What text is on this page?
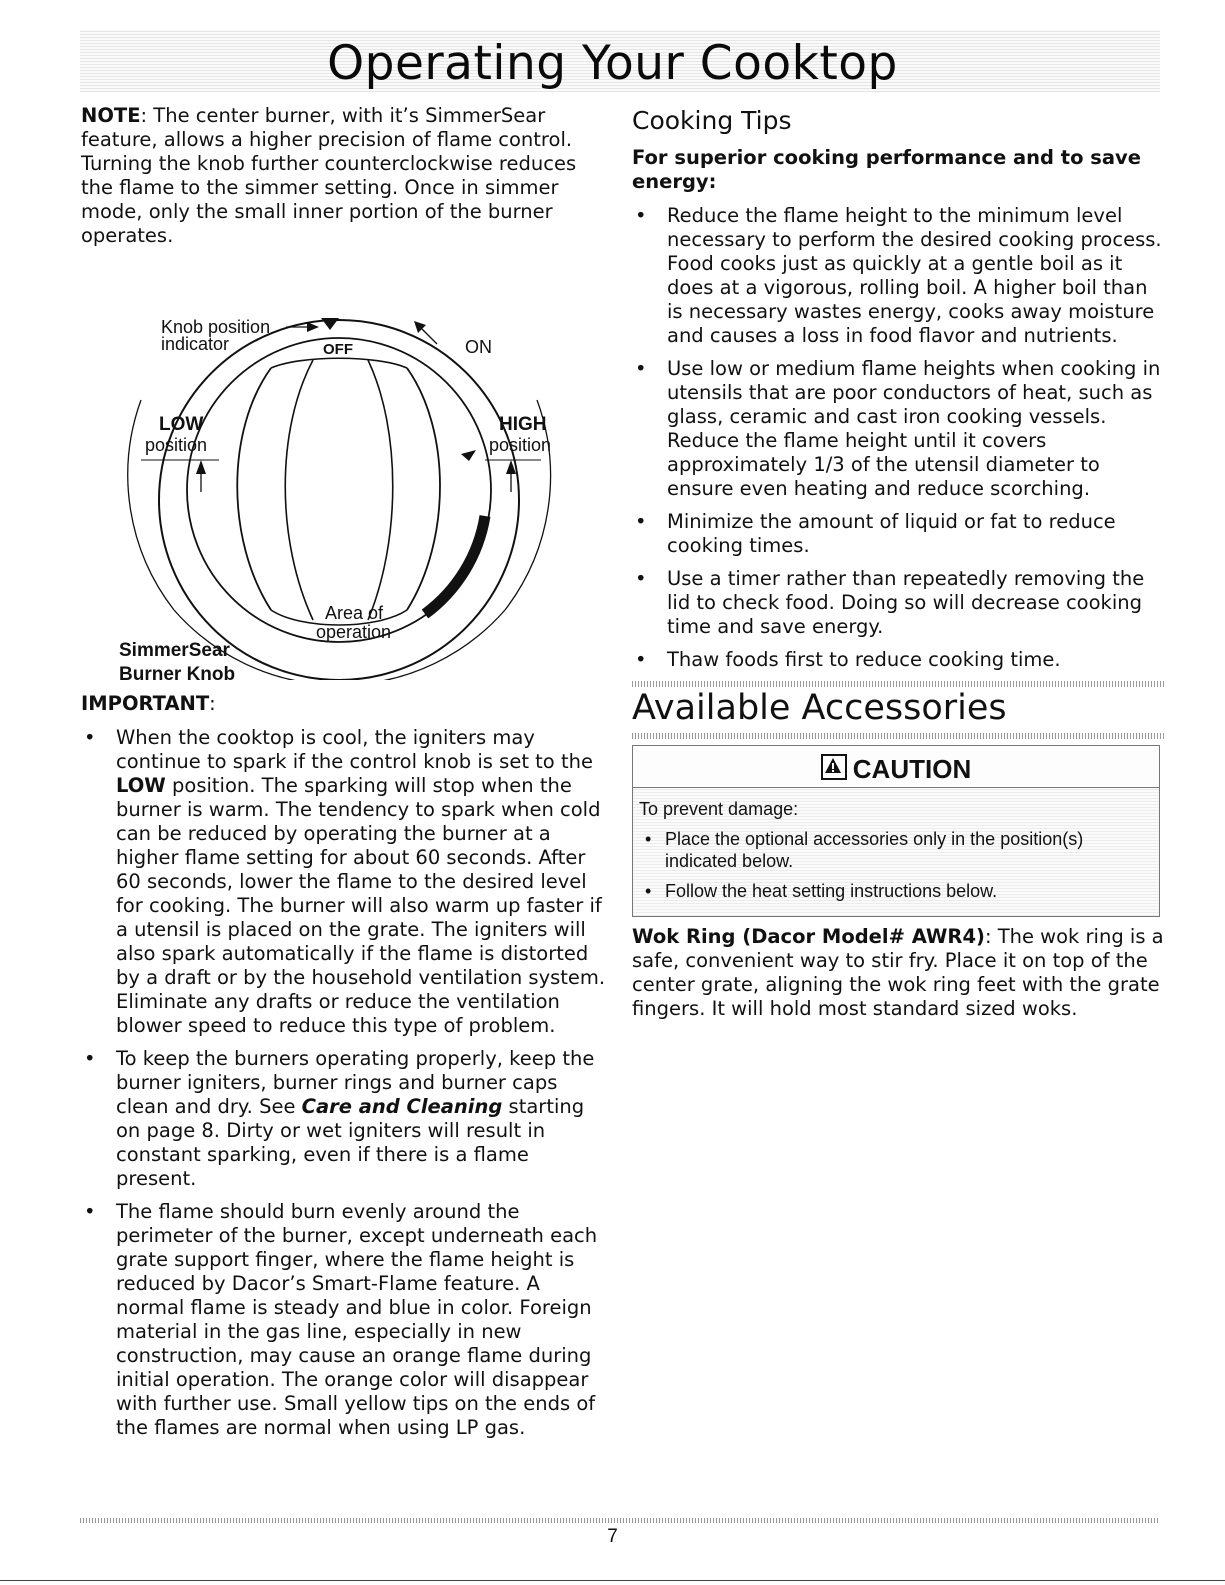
Operating Your Cooktop

NOTE: The center burner, with it’s SimmerSear feature, allows a higher precision of flame control. Turning the knob further counterclockwise reduces the flame to the simmer setting. Once in simmer mode, only the small inner portion of the burner operates.

Knob position
indicator	OFF	ON
LOW
position
HIGH
position
Area of
operation
SimmerSear
Burner Knob

IMPORTANT:

• When the cooktop is cool, the igniters may continue to spark if the control knob is set to the LOW position. The sparking will stop when the burner is warm. The tendency to spark when cold can be reduced by operating the burner at a higher flame setting for about 60 seconds. After 60 seconds, lower the flame to the desired level for cooking. The burner will also warm up faster if a utensil is placed on the grate. The igniters will also spark automatically if the flame is distorted by a draft or by the household ventilation system. Eliminate any drafts or reduce the ventilation blower speed to reduce this type of problem.
• To keep the burners operating properly, keep the burner igniters, burner rings and burner caps clean and dry. See Care and Cleaning starting on page 8. Dirty or wet igniters will result in constant sparking, even if there is a flame present.
• The flame should burn evenly around the perimeter of the burner, except underneath each grate support finger, where the flame height is reduced by Dacor’s Smart-Flame feature. A normal flame is steady and blue in color. Foreign material in the gas line, especially in new construction, may cause an orange flame during initial operation. The orange color will disappear with further use. Small yellow tips on the ends of the flames are normal when using LP gas.
Cooking Tips

For superior cooking performance and to save energy:

• Reduce the flame height to the minimum level necessary to perform the desired cooking process. Food cooks just as quickly at a gentle boil as it does at a vigorous, rolling boil. A higher boil than is necessary wastes energy, cooks away moisture and causes a loss in food flavor and nutrients.
• Use low or medium flame heights when cooking in utensils that are poor conductors of heat, such as glass, ceramic and cast iron cooking vessels. Reduce the flame height until it covers approximately 1/3 of the utensil diameter to ensure even heating and reduce scorching.
• Minimize the amount of liquid or fat to reduce cooking times.
• Use a timer rather than repeatedly removing the lid to check food. Doing so will decrease cooking time and save energy.
• Thaw foods first to reduce cooking time.
Available Accessories
CAUTION

To prevent damage:

• Place the optional accessories only in the position(s) indicated below.
• Follow the heat setting instructions below.

Wok Ring (Dacor Model# AWR4): The wok ring is a safe, convenient way to stir fry. Place it on top of the center grate, aligning the wok ring feet with the grate fingers. It will hold most standard sized woks.

7
